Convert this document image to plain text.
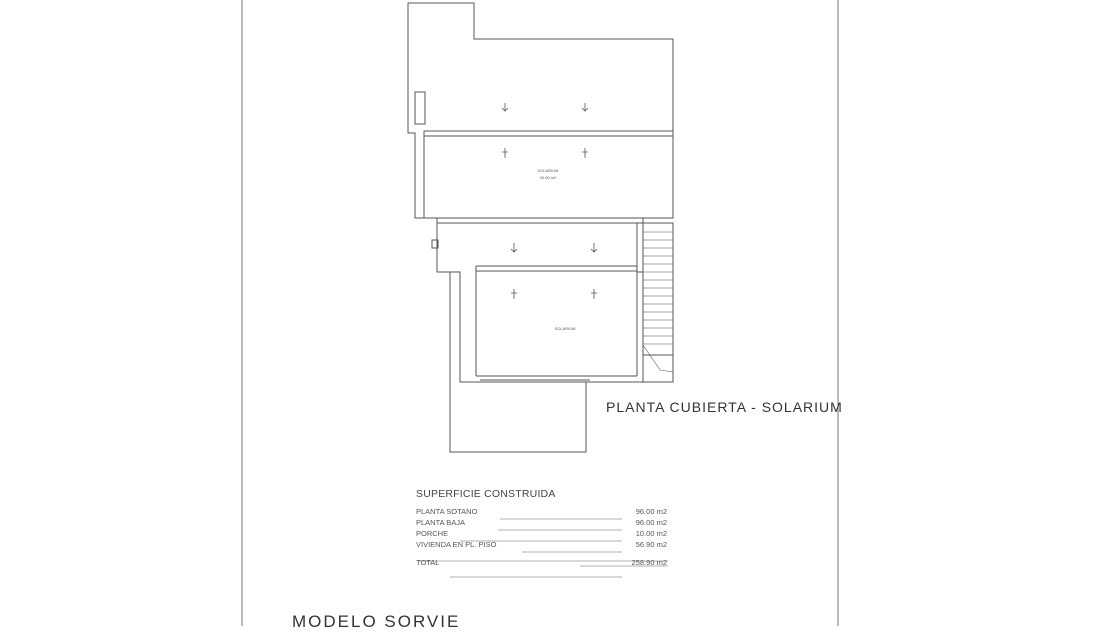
SOLARIUM
30.00 m2
SOLARIUM
PLANTA CUBIERTA - SOLARIUM
SUPERFICIE CONSTRUIDA
PLANTA SOTANO	96.00 m2
PLANTA BAJA	96.00 m2
PORCHE	10.00 m2
VIVIENDA EN PL. PISO	56.90 m2
TOTAL	258.90 m2
MODELO SORVIE
